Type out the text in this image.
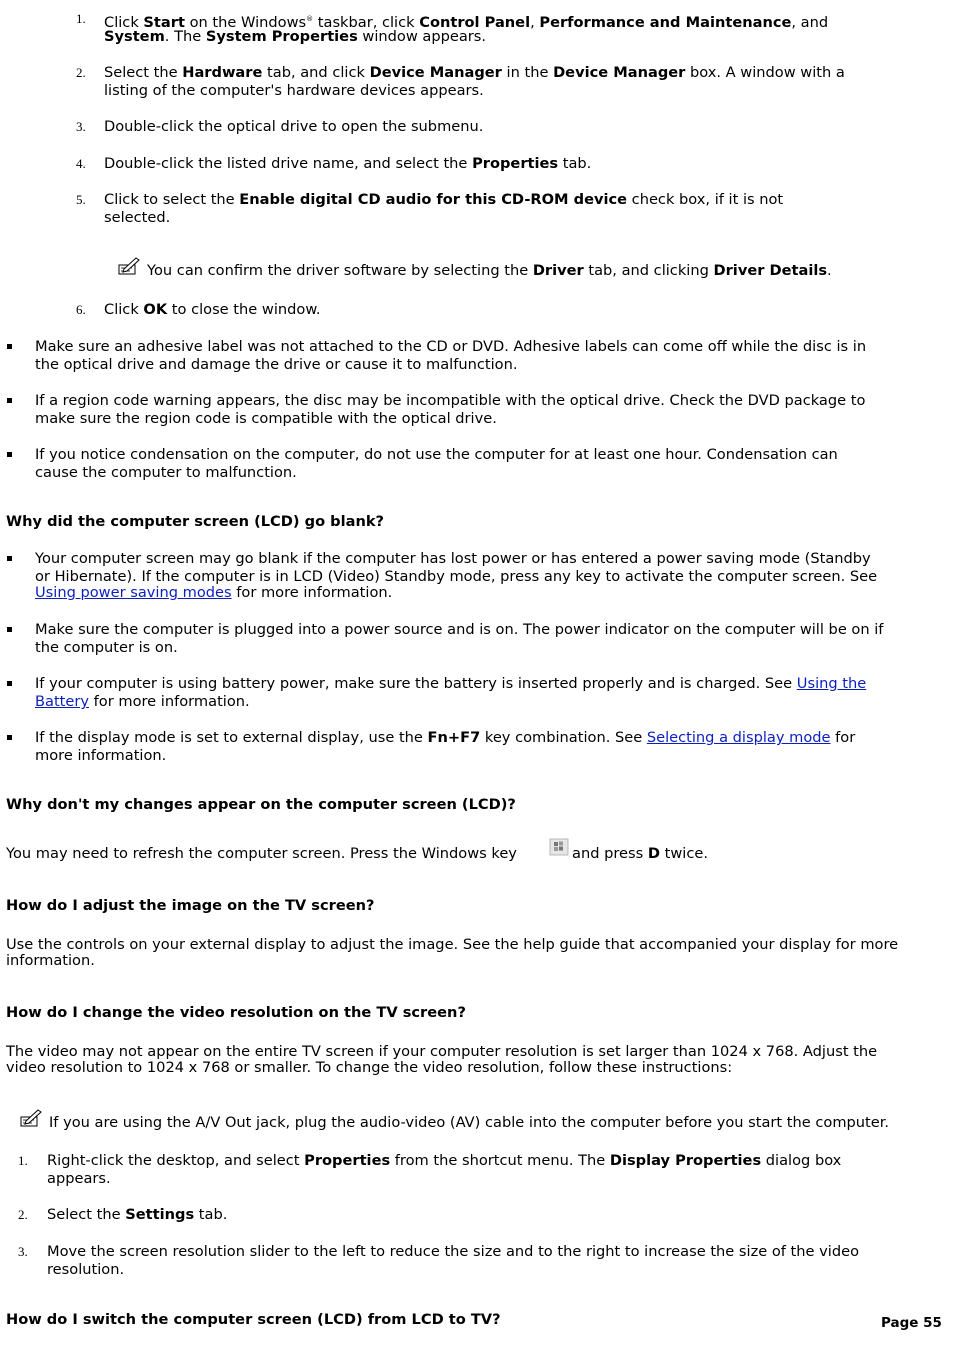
1. Click Start on the Windows® taskbar, click Control Panel, Performance and Maintenance, and
System. The System Properties window appears.
2. Select the Hardware tab, and click Device Manager in the Device Manager box. A window with a
listing of the computer's hardware devices appears.
3. Double-click the optical drive to open the submenu.
4. Double-click the listed drive name, and select the Properties tab.
5. Click to select the Enable digital CD audio for this CD-ROM device check box, if it is not
selected.
You can confirm the driver software by selecting the Driver tab, and clicking Driver Details.
6. Click OK to close the window.
Make sure an adhesive label was not attached to the CD or DVD. Adhesive labels can come off while the disc is in
the optical drive and damage the drive or cause it to malfunction.
If a region code warning appears, the disc may be incompatible with the optical drive. Check the DVD package to
make sure the region code is compatible with the optical drive.
If you notice condensation on the computer, do not use the computer for at least one hour. Condensation can
cause the computer to malfunction.
Why did the computer screen (LCD) go blank?
Your computer screen may go blank if the computer has lost power or has entered a power saving mode (Standby
or Hibernate). If the computer is in LCD (Video) Standby mode, press any key to activate the computer screen. See
Using power saving modes for more information.
Make sure the computer is plugged into a power source and is on. The power indicator on the computer will be on if
the computer is on.
If your computer is using battery power, make sure the battery is inserted properly and is charged. See Using the
Battery for more information.
If the display mode is set to external display, use the Fn+F7 key combination. See Selecting a display mode for
more information.
Why don't my changes appear on the computer screen (LCD)?
You may need to refresh the computer screen. Press the Windows key	and press D twice.
How do I adjust the image on the TV screen?
Use the controls on your external display to adjust the image. See the help guide that accompanied your display for more
information.
How do I change the video resolution on the TV screen?
The video may not appear on the entire TV screen if your computer resolution is set larger than 1024 x 768. Adjust the
video resolution to 1024 x 768 or smaller. To change the video resolution, follow these instructions:
If you are using the A/V Out jack, plug the audio-video (AV) cable into the computer before you start the computer.
1. Right-click the desktop, and select Properties from the shortcut menu. The Display Properties dialog box
appears.
2. Select the Settings tab.
3. Move the screen resolution slider to the left to reduce the size and to the right to increase the size of the video
resolution.
How do I switch the computer screen (LCD) from LCD to TV?	Page 55
